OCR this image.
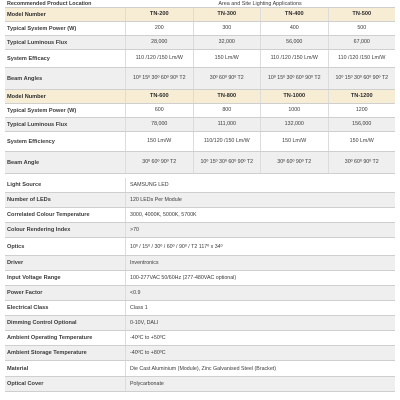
Recommended Product Location	Area and Site Lighting Applications
Model Number	TN-200	TN-300	TN-400	TN-500
Typical System Power (W)	200	300	400	500
Typical Luminous Flux	28,000	32,000	56,000	67,000
System Efficacy	110 /120 /150 Lm/W	150 Lm/W	110 /120 /150 Lm/W	110 /120 /150 Lm/W
Beam Angles	10º 15º 30º 60º 90º T2	30º 60º 90º T2	10º 15º 30º 60º 90º T2	10º 15º 30º 60º 90º T2
Model Number	TN-600	TN-800	TN-1000	TN-1200
Typical System Power (W)	600	800	1000	1200
Typical Luminous Flux	78,000	111,000	132,000	156,000
System Efficiency	150 Lm/W	110/120 /150 Lm/W	150 Lm/W	150 Lm/W
Beam Angle	30º 60º 90º T2	10º 15º 30º 60º 90º T2	30º 60º 90º T2	30º 60º 90º T2
Light Source	SAMSUNG LED
Number of LEDs	120 LEDs Per Module
Correlated Colour Temperature	3000, 4000K, 5000K, 5700K
Colour Rendering Index	>70
Optics	10º / 15º / 30º / 60º / 90º / T2 117º x 34º
Driver	Inventronics
Input Voltage Range	100-277VAC 50/60Hz (277-480VAC optional)
Power Factor	<0.9
Electrical Class	Class 1
Dimming Control Optional	0-10V, DALI
Ambient Operating Temperature	-40ºC to +50ºC
Ambient Storage Temperature	-40ºC to +80ºC
Material	Die Cast Aluminium (Module), Zinc Galvanised Steel (Bracket)
Optical Cover	Polycarbonate
